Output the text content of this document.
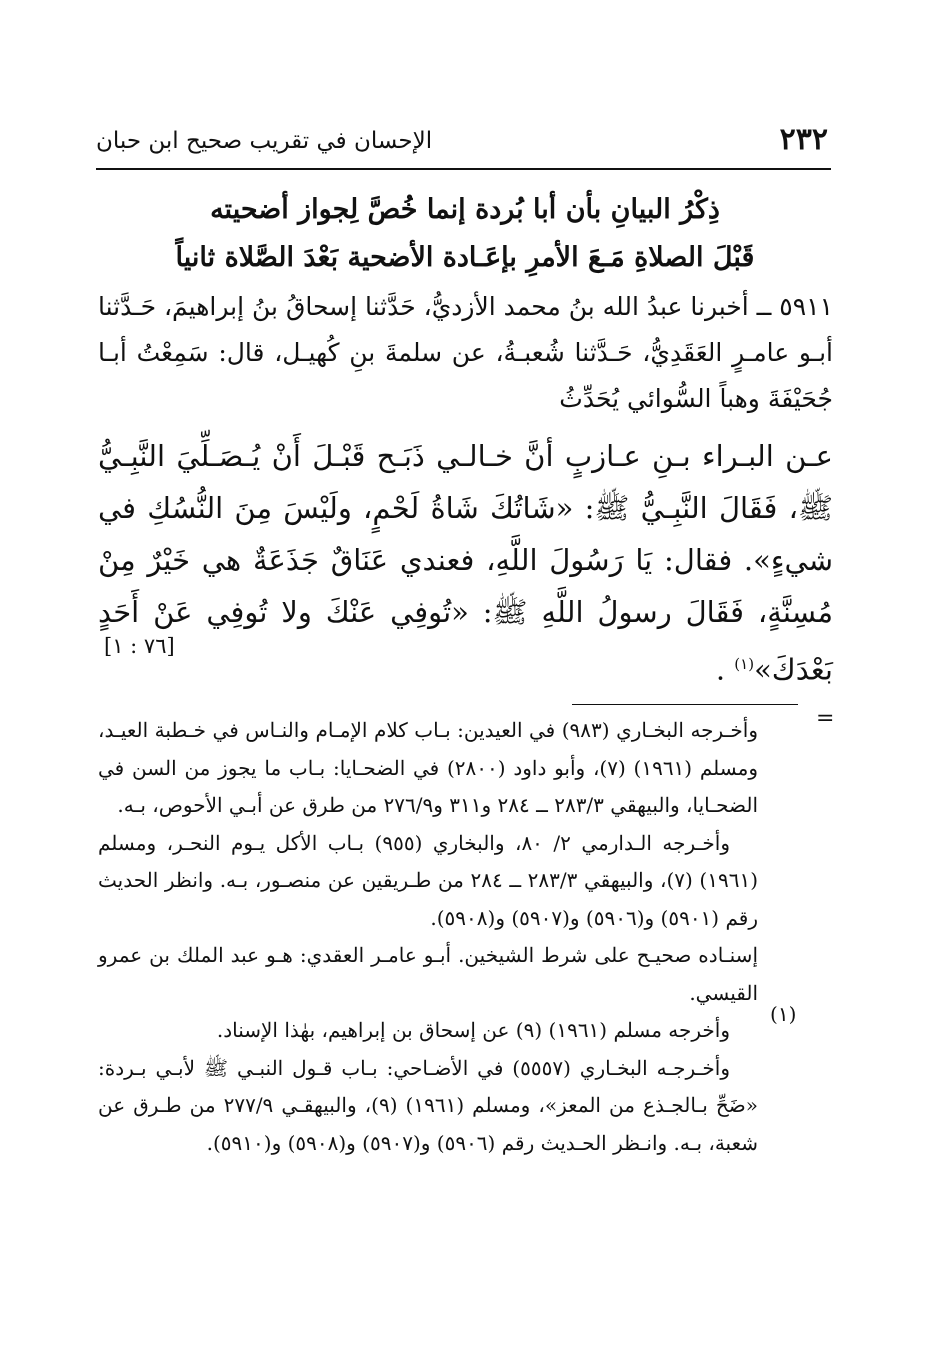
الإحسان في تقريب صحيح ابن حبان	٢٣٢
ذِكْرُ البيانِ بأن أبا بُردة إنما خُصَّ لِجواز أضحيته
قَبْلَ الصلاةِ مَـعَ الأمرِ بإعَـادة الأضحية بَعْدَ الصَّلاة ثانياً
٥٩١١ ــ أخبرنا عبدُ الله بنُ محمد الأزديُّ، حَدَّثنا إسحاقُ بنُ إبراهيمَ، حَـدَّثنا أبـو عامـرٍ العَقَدِيُّ، حَـدَّثنا شُعبـةُ، عن سلمةَ بنِ كُهيـل، قال: سَمِعْتُ أبـا جُحَيْفَةَ وهباً السُّوائي يُحَدِّثُ
عـن البـراء بـنِ عـازبٍ أنَّ خـالـي ذَبَـح قَبْـلَ أَنْ يُـصَـلِّيَ النَّبِـيُّ ﷺ، فَقَالَ النَّبِـيُّ ﷺ: «شَاتُكَ شَاةُ لَحْمٍ، ولَيْسَ مِنَ النُّسُكِ في شيءٍ». فقال: يَا رَسُولَ اللَّهِ، فعندي عَنَاقٌ جَذَعَةٌ هي خَيْرٌ مِنْ مُسِنَّةٍ، فَقَالَ رسولُ اللَّهِ ﷺ: «تُوفِي عَنْكَ ولا تُوفِي عَنْ أَحَدٍ بَعْدَكَ»$^{(١)}$ .
[٧٦ : ١]
=

وأخـرجه البخـاري (٩٨٣) في العيدين: بـاب كلام الإمـام والنـاس في خـطبة العيـد، ومسلم (١٩٦١) (٧)، وأبو داود (٢٨٠٠) في الضحـايا: بـاب ما يجوز من السن في الضحـايا، والبيهقي ٢٨٣/٣ ــ ٢٨٤ و٣١١ و٢٧٦/٩ من طرق عن أبـي الأحوص، بـه.

وأخـرجه الـدارمي ٢/ ٨٠، والبخاري (٩٥٥) بـاب الأكل يـوم النحـر، ومسلم (١٩٦١) (٧)، والبيهقي ٢٨٣/٣ ــ ٢٨٤ من طـريقين عن منصـور، بـه. وانظر الحديث رقم (٥٩٠١) و(٥٩٠٦) و(٥٩٠٧) و(٥٩٠٨).

إسنـاده صحيـح على شرط الشيخين. أبـو عامـر العقدي: هـو عبد الملك بن عمرو القيسي.

وأخرجه مسلم (١٩٦١) (٩) عن إسحاق بن إبراهيم، بهٰذا الإسناد.

وأخـرجـه البخـاري (٥٥٥٧) في الأضـاحي: بـاب قـول النبـي ﷺ لأبـي بـردة: «ضَحِّ بـالجـذع من المعز»، ومسلم (١٩٦١) (٩)، والبيهقـي ٢٧٧/٩ من طـرق عن شعبة، بـه. وانـظر الحـديث رقم (٥٩٠٦) و(٥٩٠٧) و(٥٩٠٨) و(٥٩١٠).

(١)
